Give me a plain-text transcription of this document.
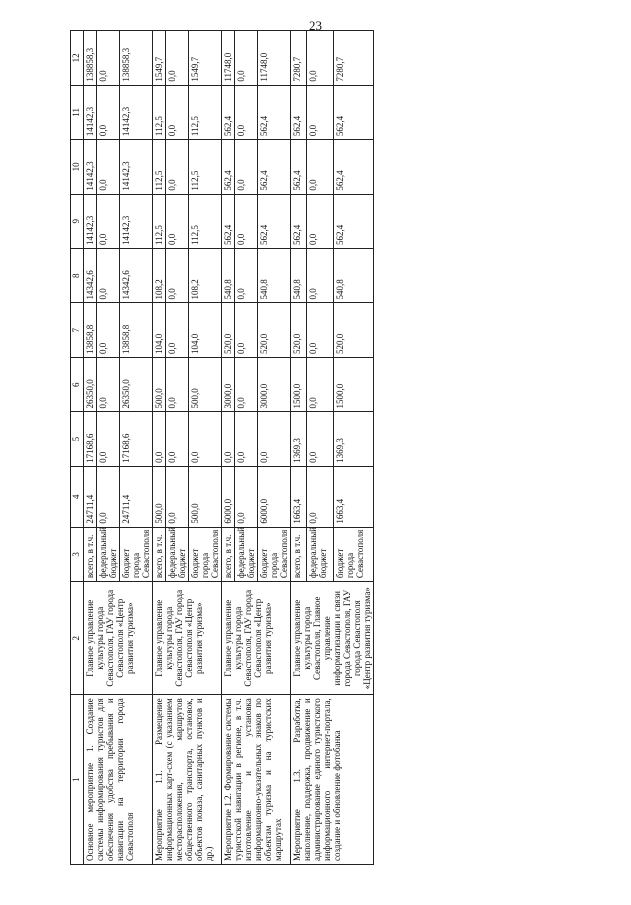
23
1	2	3	4	5	6	7	8	9	10	11	12
Основное мероприятие 1. Создание системы информирования туристов для обеспечения удобства пребывания и навигации на территории города Севастополя	Главное управление культуры города Севастополя, ГАУ города Севастополя «Центр развития туризма»	всего, в т.ч.	24711,4	17168,6	26350,0	13858,8	14342,6	14142,3	14142,3	14142,3	138858,3
		федеральный бюджет	0,0	0,0	0,0	0,0	0,0	0,0	0,0	0,0	0,0
		бюджет города Севастополя	24711,4	17168,6	26350,0	13858,8	14342,6	14142,3	14142,3	14142,3	138858,3
Мероприятие 1.1. Размещение информационных карт-схем (с указанием месторасположения, маршрутов общественного транспорта, остановок, объектов показа, санитарных пунктов и др.)	Главное управление культуры города Севастополя, ГАУ города Севастополя «Центр развития туризма»	всего, в т.ч.	500,0	0,0	500,0	104,0	108,2	112,5	112,5	112,5	1549,7
		федеральный бюджет	0,0	0,0	0,0	0,0	0,0	0,0	0,0	0,0	0,0
		бюджет города Севастополя	500,0	0,0	500,0	104,0	108,2	112,5	112,5	112,5	1549,7
Мероприятие 1.2. Формирование системы туристской навигации в регионе, в т.ч. изготовление и установка информационно-указательных знаков по объектам туризма и на туристских маршрутах	Главное управление культуры города Севастополя, ГАУ города Севастополя «Центр развития туризма»	всего, в т.ч.	6000,0	0,0	3000,0	520,0	540,8	562,4	562,4	562,4	11748,0
		федеральный бюджет	0,0	0,0	0,0	0,0	0,0	0,0	0,0	0,0	0,0
		бюджет города Севастополя	6000,0	0,0	3000,0	520,0	540,8	562,4	562,4	562,4	11748,0
Мероприятие 1.3. Разработка, наполнение, поддержка, продвижение и администрирование единого туристского информационного интернет-портала, создание и обновление фотобанка	Главное управление культуры города Севастополя, Главное управление информатизации и связи города Севастополя, ГАУ города Севастополя «Центр развития туризма»	всего, в т.ч.	1663,4	1369,3	1500,0	520,0	540,8	562,4	562,4	562,4	7280,7
		федеральный бюджет	0,0	0,0	0,0	0,0	0,0	0,0	0,0	0,0	0,0
		бюджет города Севастополя	1663,4	1369,3	1500,0	520,0	540,8	562,4	562,4	562,4	7280,7
